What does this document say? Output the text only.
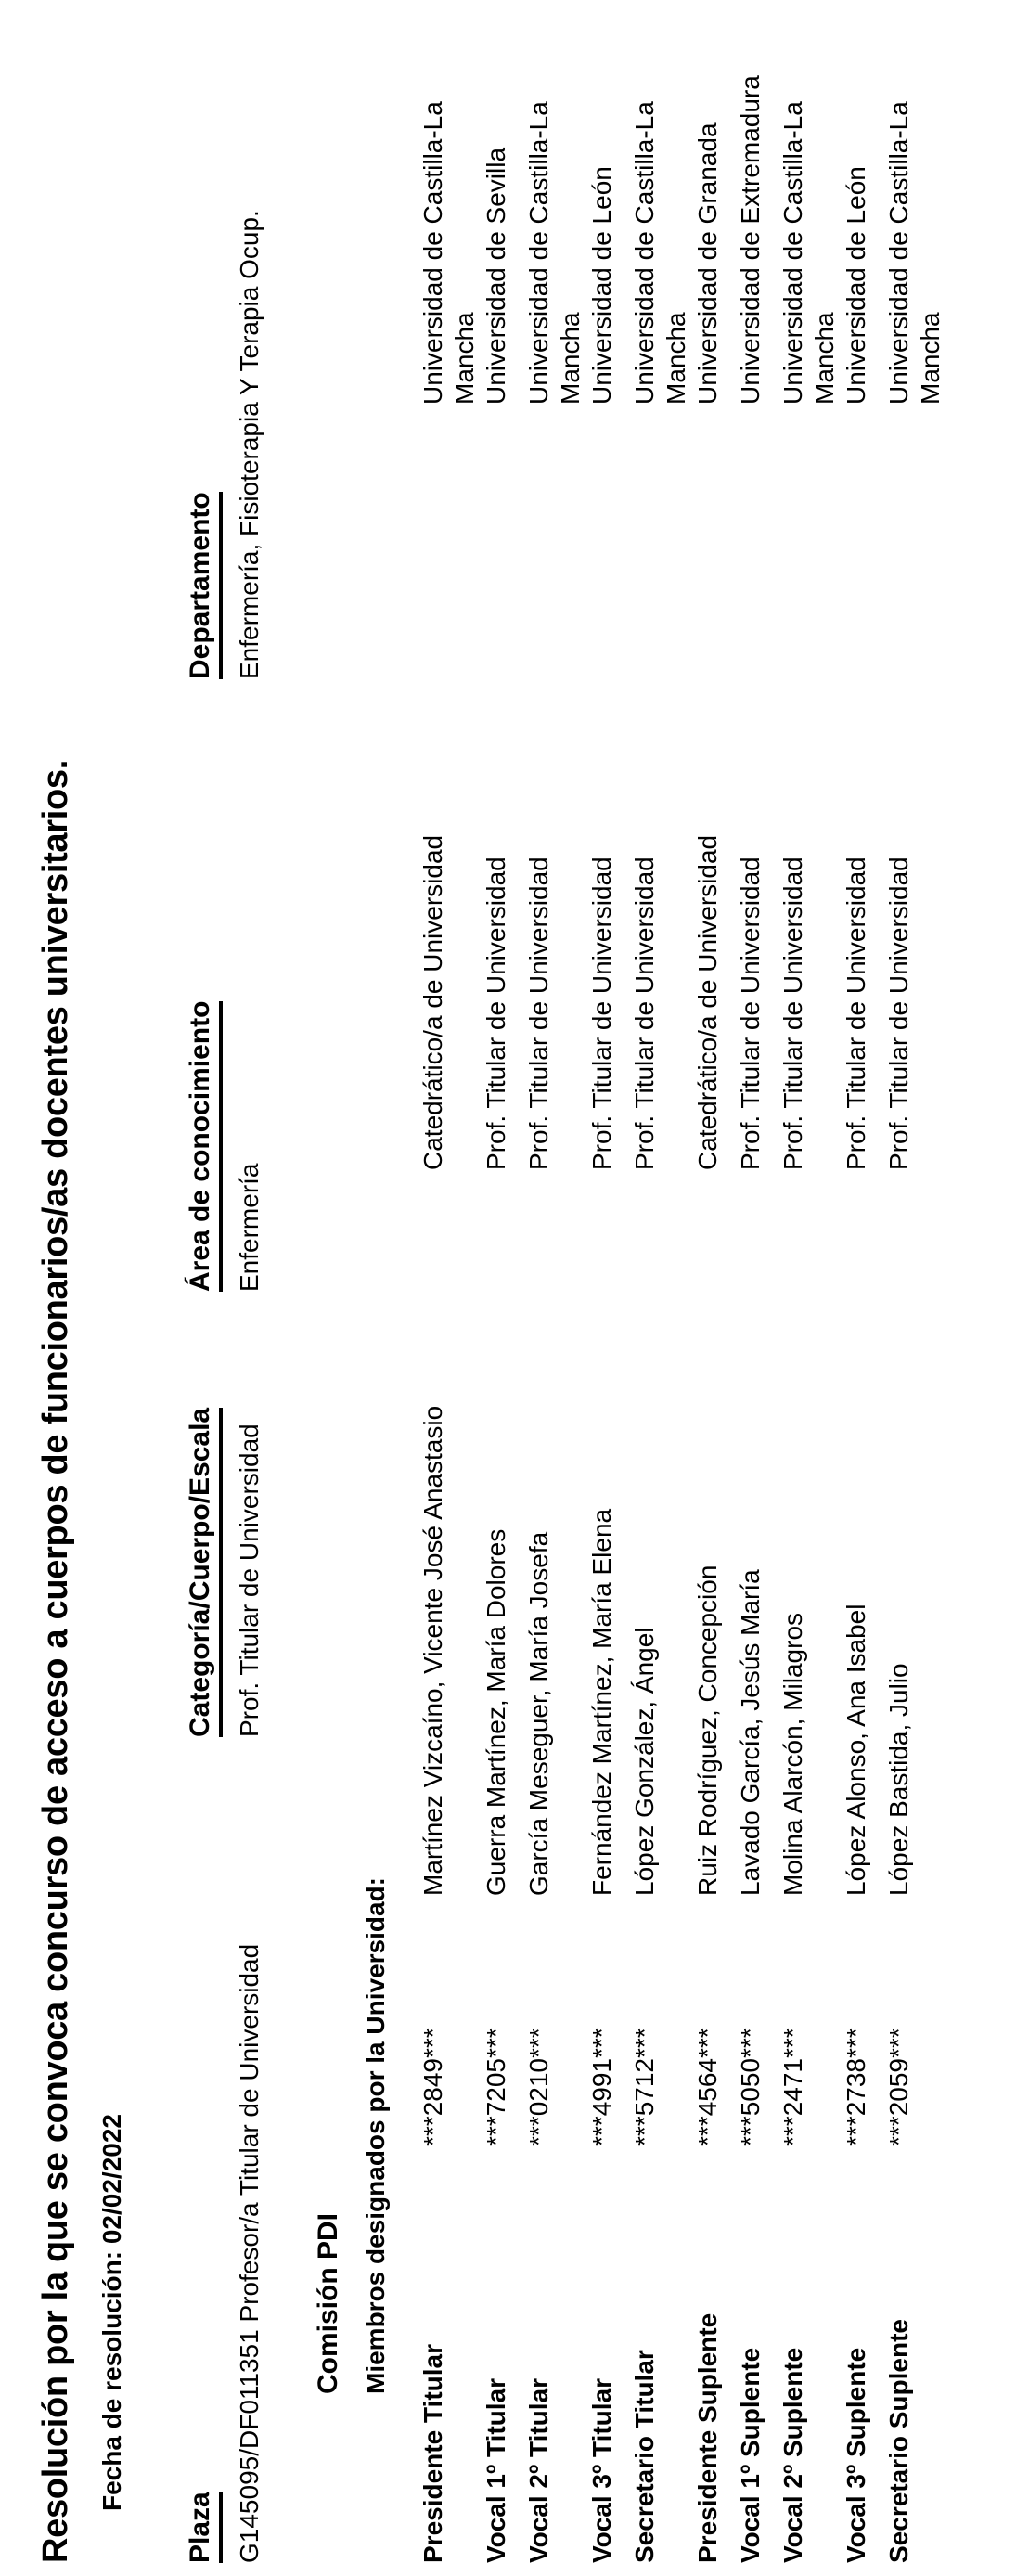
Resolución por la que se convoca concurso de acceso a cuerpos de funcionarios/as docentes universitarios. Fecha de resolución: 02/02/2022

Plaza
Categoría/Cuerpo/Escala
Área de conocimiento
Departamento
G145095/DF011351 Profesor/a Titular de Universidad
Prof. Titular de Universidad
Enfermería
Enfermería, Fisioterapia Y Terapia Ocup.
Comisión PDI Miembros designados por la Universidad:
Presidente Titular
***2849***
Martínez Vizcaíno, Vicente José Anastasio
Catedrático/a de Universidad
Universidad de Castilla-La Mancha
Vocal 1º Titular
***7205***
Guerra Martínez, María Dolores
Prof. Titular de Universidad
Universidad de Sevilla
Vocal 2º Titular
***0210***
García Meseguer, María Josefa
Prof. Titular de Universidad
Universidad de Castilla-La Mancha
Vocal 3º Titular
***4991***
Fernández Martínez, María Elena
Prof. Titular de Universidad
Universidad de León
Secretario Titular
***5712***
López González, Ángel
Prof. Titular de Universidad
Universidad de Castilla-La Mancha
Presidente Suplente
***4564***
Ruiz Rodríguez, Concepción
Catedrático/a de Universidad
Universidad de Granada
Vocal 1º Suplente
***5050***
Lavado García, Jesús María
Prof. Titular de Universidad
Universidad de Extremadura
Vocal 2º Suplente
***2471***
Molina Alarcón, Milagros
Prof. Titular de Universidad
Universidad de Castilla-La Mancha
Vocal 3º Suplente
***2738***
López Alonso, Ana Isabel
Prof. Titular de Universidad
Universidad de León
Secretario Suplente
***2059***
López Bastida, Julio
Prof. Titular de Universidad
Universidad de Castilla-La Mancha
